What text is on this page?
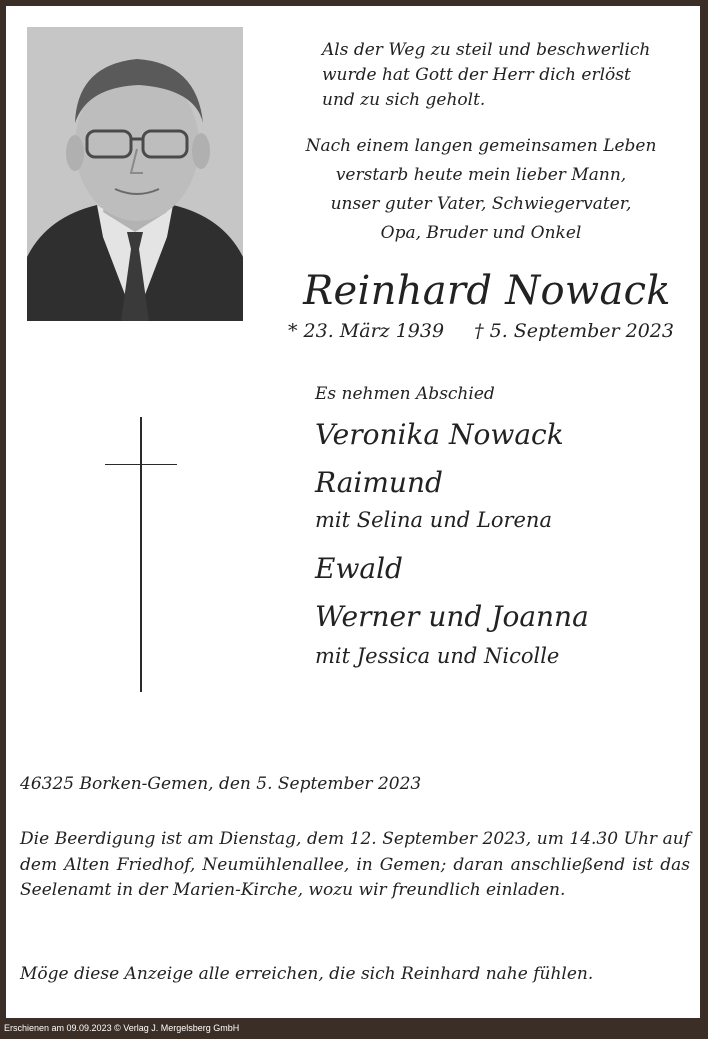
Als der Weg zu steil und beschwerlich
wurde hat Gott der Herr dich erlöst
und zu sich geholt.
Nach einem langen gemeinsamen Leben
verstarb heute mein lieber Mann,
unser guter Vater, Schwiegervater,
Opa, Bruder und Onkel
Reinhard Nowack
* 23. März 1939 † 5. September 2023
Es nehmen Abschied
Veronika Nowack
Raimund
mit Selina und Lorena
Ewald
Werner und Joanna
mit Jessica und Nicolle
46325 Borken-Gemen, den 5. September 2023
Die Beerdigung ist am Dienstag, dem 12. September 2023, um 14.30 Uhr auf dem Alten Friedhof, Neumühlenallee, in Gemen; daran anschließend ist das Seelenamt in der Marien-Kirche, wozu wir freundlich einladen.
Möge diese Anzeige alle erreichen, die sich Reinhard nahe fühlen.
Erschienen am 09.09.2023 © Verlag J. Mergelsberg GmbH
